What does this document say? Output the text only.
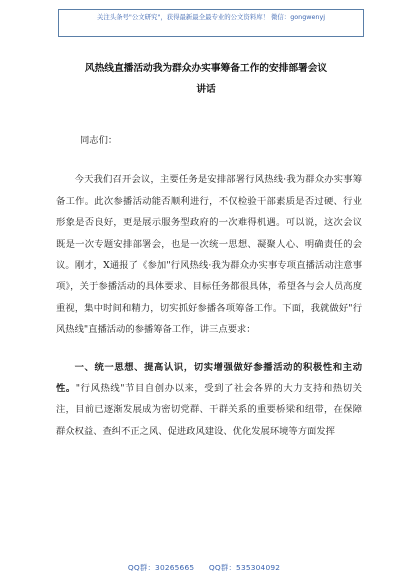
关注头条号"公文研究"，获得最新最全最专业的公文资料库！ 微信：gongwenyj
风热线直播活动我为群众办实事筹备工作的安排部署会议
讲话

同志们：

今天我们召开会议，主要任务是安排部署行风热线·我为群众办实事筹备工作。此次参播活动能否顺利进行，不仅检验干部素质是否过硬、行业形象是否良好，更是展示服务型政府的一次难得机遇。可以说，这次会议既是一次专题安排部署会，也是一次统一思想、凝聚人心、明确责任的会议。刚才，X通报了《参加"行风热线·我为群众办实事专项直播活动注意事项》，关于参播活动的具体要求、目标任务都很具体，希望各与会人员高度重视，集中时间和精力，切实抓好参播各项筹备工作。下面，我就做好"行风热线"直播活动的参播筹备工作，讲三点要求：

一、统一思想、提高认识，切实增强做好参播活动的积极性和主动性。"行风热线"节目自创办以来，受到了社会各界的大力支持和热切关注，目前已逐渐发展成为密切党群、干群关系的重要桥梁和纽带，在保障群众权益、查纠不正之风、促进政风建设、优化发展环境等方面发挥

QQ群：30265665 QQ群：535304092
